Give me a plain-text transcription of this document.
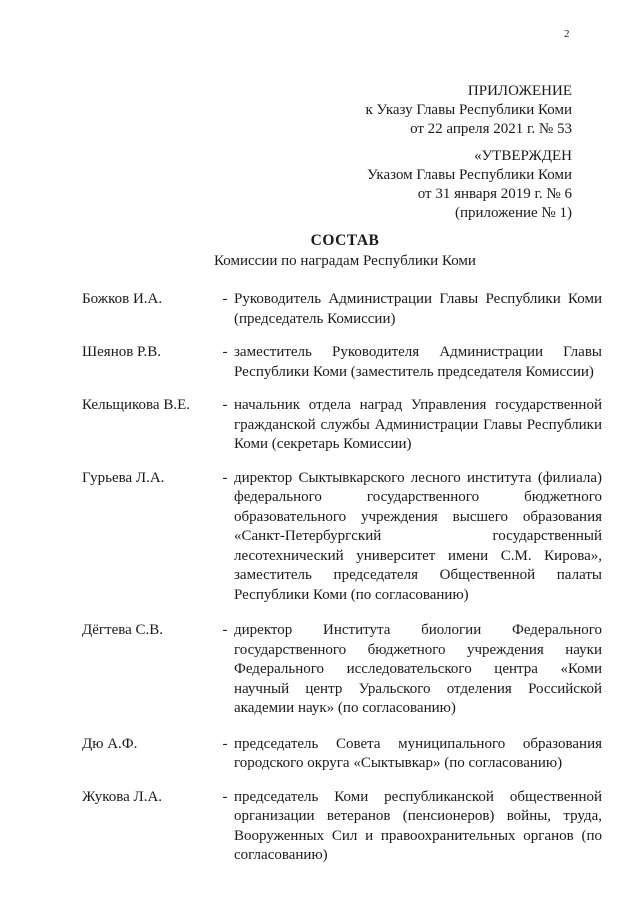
2
ПРИЛОЖЕНИЕ
к Указу Главы Республики Коми
от 22 апреля 2021 г. № 53
«УТВЕРЖДЕН
Указом Главы Республики Коми
от 31 января 2019 г. № 6
(приложение № 1)
СОСТАВ
Комиссии по наградам Республики Коми
Божков И.А.	- Руководитель Администрации Главы Республики Коми (председатель Комиссии)
Шеянов Р.В.	- заместитель Руководителя Администрации Главы Республики Коми (заместитель председателя Комиссии)
Кельщикова В.Е.	- начальник отдела наград Управления государственной гражданской службы Администрации Главы Республики Коми (секретарь Комиссии)
Гурьева Л.А.	- директор Сыктывкарского лесного института (филиала) федерального государственного бюджетного образовательного учреждения высшего образования «Санкт-Петербургский государственный лесотехнический университет имени С.М. Кирова», заместитель председателя Общественной палаты Республики Коми (по согласованию)
Дёгтева С.В.	- директор Института биологии Федерального государственного бюджетного учреждения науки Федерального исследовательского центра «Коми научный центр Уральского отделения Российской академии наук» (по согласованию)
Дю А.Ф.	- председатель Совета муниципального образования городского округа «Сыктывкар» (по согласованию)
Жукова Л.А.	- председатель Коми республиканской общественной организации ветеранов (пенсионеров) войны, труда, Вооруженных Сил и правоохранительных органов (по согласованию)
